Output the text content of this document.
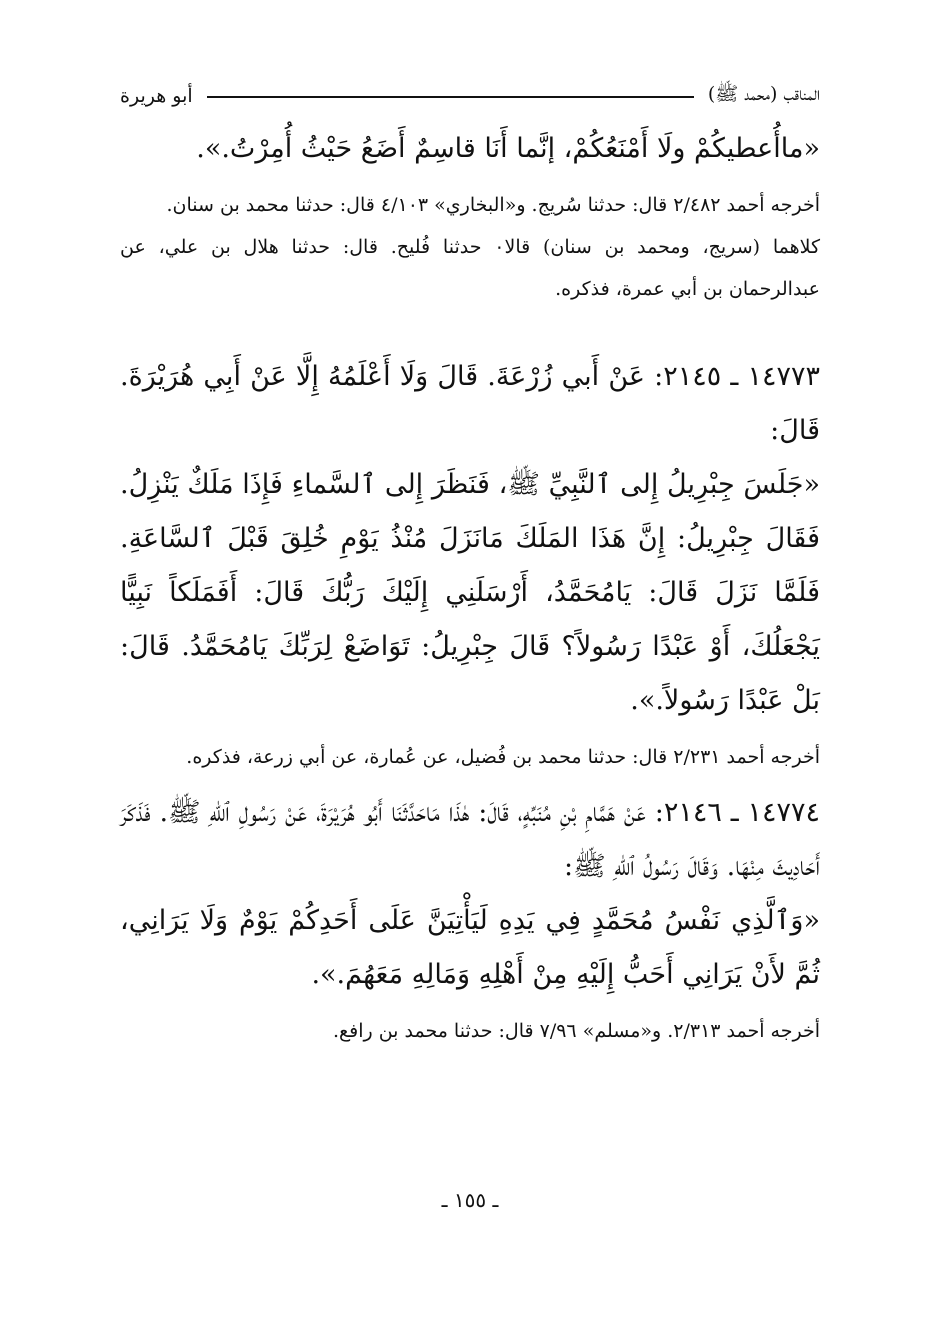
المناقب (محمد ﷺ)
أبو هريرة

«ماأُعطيكُمْ ولَا أَمْنَعُكُمْ، إنَّما أَنَا قاسِمٌ أَضَعُ حَيْثُ أُمِرْتُ.».

أخرجه أحمد ٢/٤٨٢ قال: حدثنا سُريج. و«البخاري» ٤/١٠٣ قال: حدثنا محمد بن سنان.

كلاهما (سريج، ومحمد بن سنان) قالا٠ حدثنا فُليح. قال: حدثنا هلال بن علي، عن عبدالرحمان بن أبي عمرة، فذكره.

١٤٧٧٣ ـ ٢١٤٥: عَنْ أَبي زُرْعَةَ. قَالَ وَلَا أَعْلَمُهُ إِلَّا عَنْ أَبِي هُرَيْرَةَ. قَالَ:

«جَلَسَ جِبْرِيلُ إِلى ٱلنَّبِيِّ ﷺ، فَنَظَرَ إِلى ٱلسَّماءِ فَإِذَا مَلَكٌ يَنْزِلُ. فَقَالَ جِبْرِيلُ: إِنَّ هَذَا المَلَكَ مَانَزَلَ مُنْذُ يَوْمِ خُلِقَ قَبْلَ ٱلسَّاعَةِ. فَلَمَّا نَزَلَ قَالَ: يَامُحَمَّدُ، أَرْسَلَنِي إِلَيْكَ رَبُّكَ قَالَ: أَفَمَلَكاً نَبِيًّا يَجْعَلُكَ، أَوْ عَبْدًا رَسُولاً؟ قَالَ جِبْرِيلُ: تَوَاضَعْ لِرَبِّكَ يَامُحَمَّدُ. قَالَ: بَلْ عَبْدًا رَسُولاً.».

أخرجه أحمد ٢/٢٣١ قال: حدثنا محمد بن فُضيل، عن عُمارة، عن أبي زرعة، فذكره.

١٤٧٧٤ ـ ٢١٤٦: عَنْ هَمَّامِ بْنِ مُنَبِّهٍ، قَالَ: هٰذَا مَاحَدَّثَنَا أَبُو هُرَيْرَةَ، عَنْ رَسُولِ ٱللهِ ﷺ. فَذَكَرَ أَحَادِيثَ مِنْهَا. وَقَالَ رَسُولُ ٱللهِ ﷺ:

«وَٱلَّذِي نَفْسُ مُحَمَّدٍ فِي يَدِهِ لَيَأْتِيَنَّ عَلَى أَحَدِكُمْ يَوْمٌ وَلَا يَرَانِي، ثُمَّ لأَنْ يَرَانِي أَحَبُّ إِلَيْهِ مِنْ أَهْلِهِ وَمَالِهِ مَعَهُمَ.».

أخرجه أحمد ٢/٣١٣. و«مسلم» ٧/٩٦ قال: حدثنا محمد بن رافع.

ـ ١٥٥ ـ
